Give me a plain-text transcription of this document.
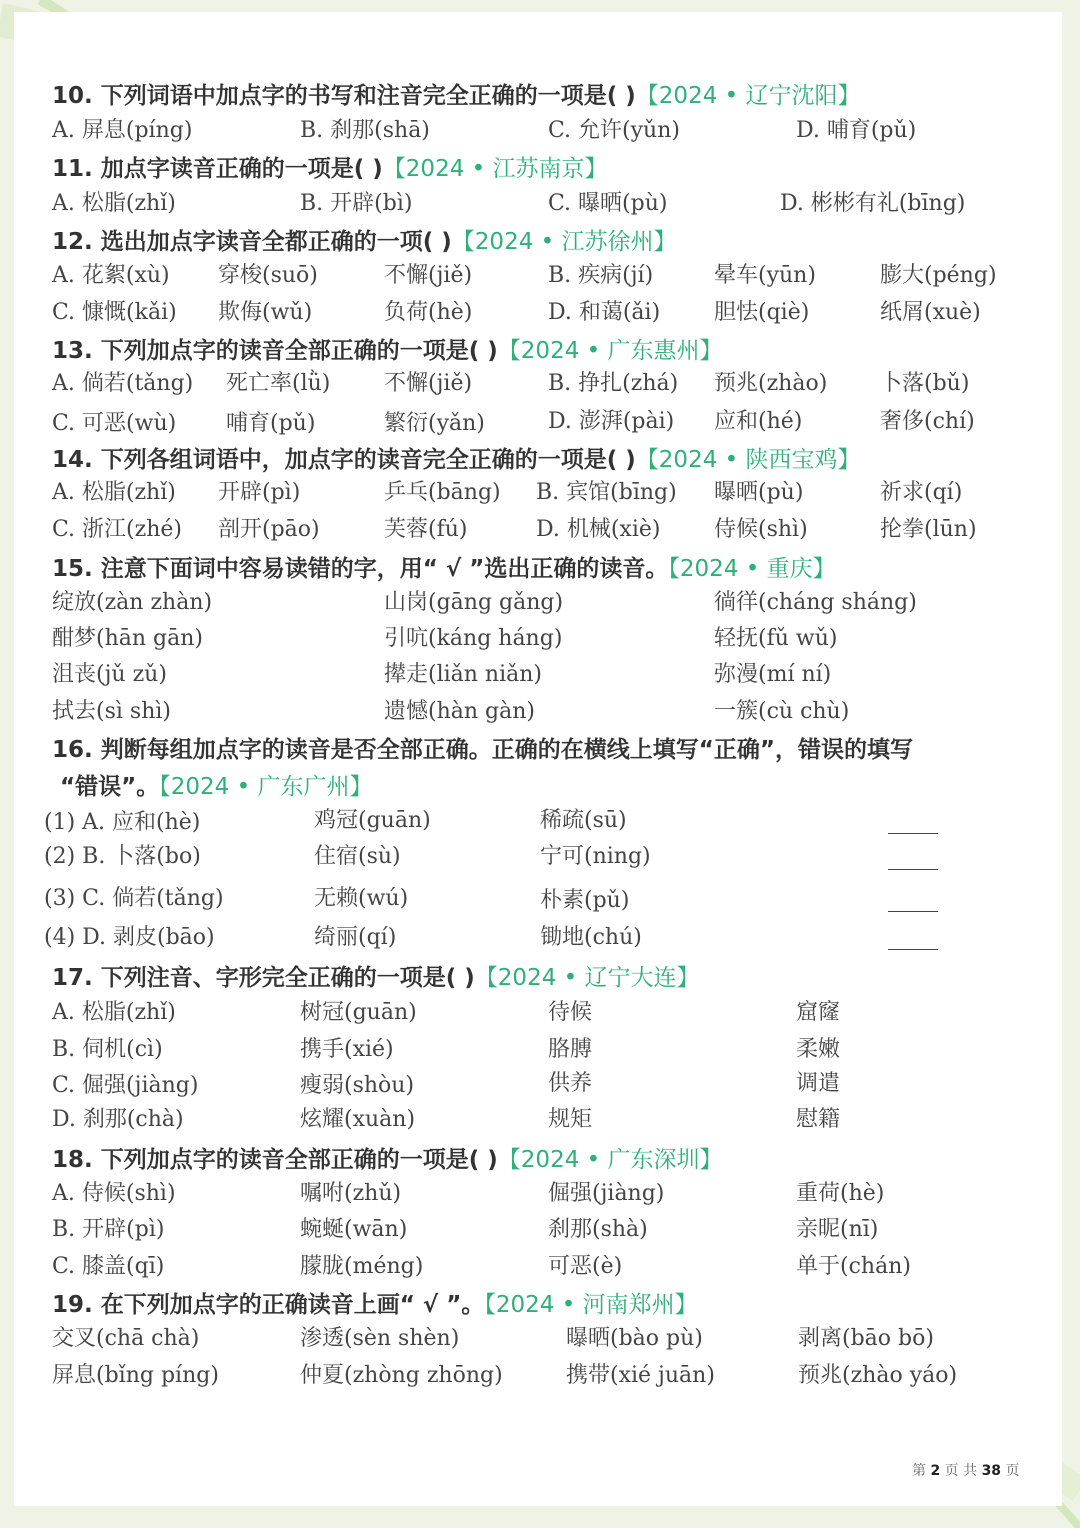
10. 下列词语中加点字的书写和注音完全正确的一项是( )【2024 • 辽宁沈阳】
A. 屏息(píng)	B. 刹那(shā)	C. 允许(yǔn)	D. 哺育(pǔ)
11. 加点字读音正确的一项是( )【2024 • 江苏南京】
A. 松脂(zhǐ)	B. 开辟(bì)	C. 曝晒(pù)	D. 彬彬有礼(bīng)
12. 选出加点字读音全都正确的一项( )【2024 • 江苏徐州】
A. 花絮(xù) 穿梭(suō)	不懈(jiě)	B. 疾病(jí)	晕车(yūn)	膨大(péng)
C. 慷慨(kǎi) 欺侮(wǔ)	负荷(hè)	D. 和蔼(ǎi) 胆怯(qiè)	纸屑(xuè)
13. 下列加点字的读音全部正确的一项是( )【2024 • 广东惠州】
A. 倘若(tǎng) 死亡率(lǜ) 不懈(jiě)	B. 挣扎(zhá) 预兆(zhào) 卜落(bǔ)
C. 可恶(wù) 哺育(pǔ)	繁衍(yǎn)	D. 澎湃(pài) 应和(hé)	奢侈(chí)
14. 下列各组词语中，加点字的读音完全正确的一项是( )【2024 • 陕西宝鸡】
A. 松脂(zhǐ) 开辟(pì)	乒乓(bāng) B. 宾馆(bīng) 曝晒(pù)	祈求(qí)
C. 浙江(zhé) 剖开(pāo)	芙蓉(fú)	D. 机械(xiè) 侍候(shì)	抡拳(lūn)
15. 注意下面词中容易读错的字，用“ √ ”选出正确的读音。【2024 • 重庆】
绽放(zàn zhàn)	山岗(gāng gǎng)	徜徉(cháng sháng)
酣梦(hān gān)	引吭(káng háng)	轻抚(fǔ wǔ)
沮丧(jǔ zǔ)	撵走(liǎn niǎn)	弥漫(mí ní)
拭去(sì shì)	遗憾(hàn gàn)	一簇(cù chù)
16. 判断每组加点字的读音是否全部正确。正确的在横线上填写“正确”，错误的填写
“错误”。【2024 • 广东广州】
(1) A. 应和(hè)	鸡冠(guān)	稀疏(sū)
(2) B. 卜落(bo)	住宿(sù)	宁可(ning)
(3) C. 倘若(tǎng)	无赖(wú)	朴素(pǔ)
(4) D. 剥皮(bāo)	绮丽(qí)	锄地(chú)
17. 下列注音、字形完全正确的一项是( )【2024 • 辽宁大连】
A. 松脂(zhǐ)	树冠(guān)	待候	窟窿
B. 伺机(cì)	携手(xié)	胳膊	柔嫩
C. 倔强(jiàng)	瘦弱(shòu)	供养	调遣
D. 刹那(chà)	炫耀(xuàn)	规矩	慰籍
18. 下列加点字的读音全部正确的一项是( )【2024 • 广东深圳】
A. 侍候(shì)	嘱咐(zhǔ)	倔强(jiàng)	重荷(hè)
B. 开辟(pì)	蜿蜒(wān)	刹那(shà)	亲昵(nī)
C. 膝盖(qī)	朦胧(méng)	可恶(è)	单于(chán)
19. 在下列加点字的正确读音上画“ √ ”。【2024 • 河南郑州】
交叉(chā chà)	渗透(sèn shèn)	曝晒(bào pù)	剥离(bāo bō)
屏息(bǐng píng)	仲夏(zhòng zhōng)	携带(xié juān)	预兆(zhào yáo)
第 2 页 共 38 页
